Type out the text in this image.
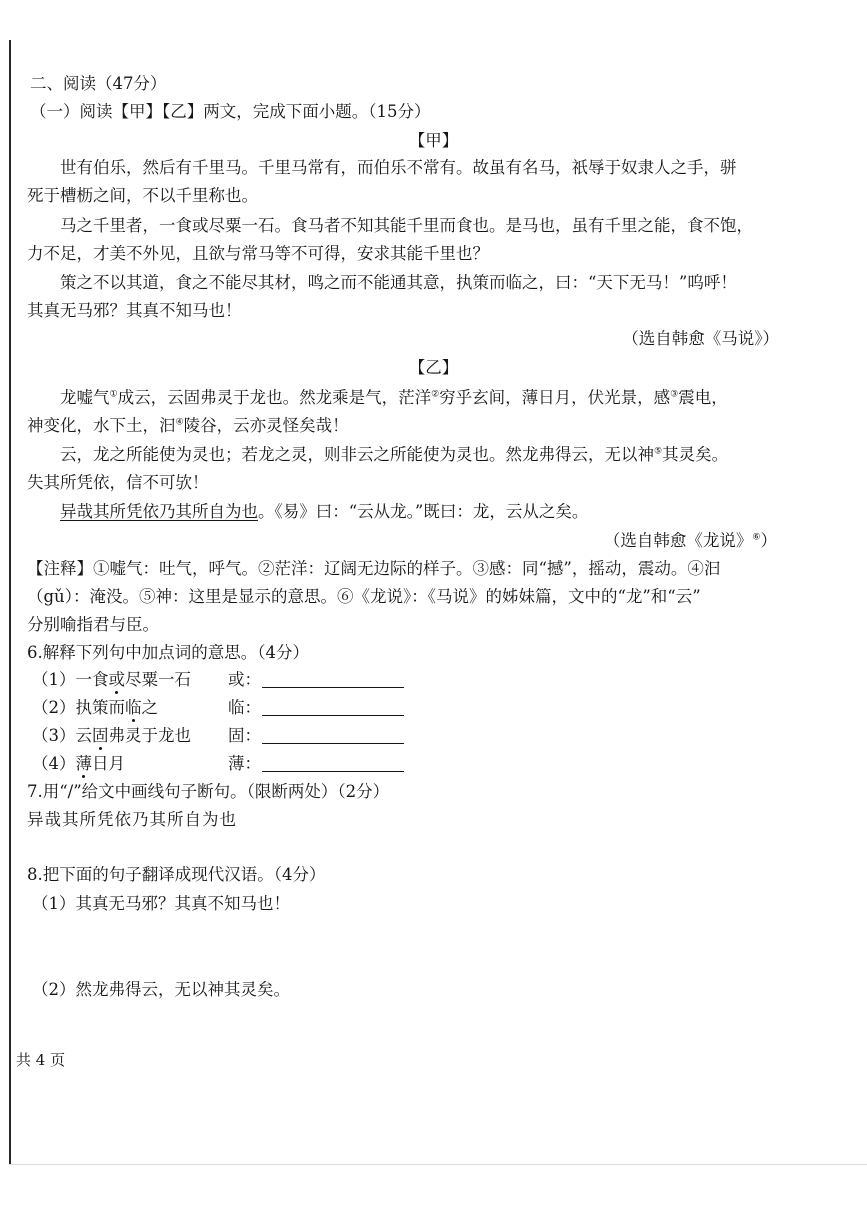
二、阅读（47分）
（一）阅读【甲】【乙】两文，完成下面小题。（15分）
【甲】
世有伯乐，然后有千里马。千里马常有，而伯乐不常有。故虽有名马，祇辱于奴隶人之手，骈
死于槽枥之间，不以千里称也。
马之千里者，一食或尽粟一石。食马者不知其能千里而食也。是马也，虽有千里之能，食不饱，
力不足，才美不外见，且欲与常马等不可得，安求其能千里也？
策之不以其道，食之不能尽其材，鸣之而不能通其意，执策而临之，曰：“天下无马！”呜呼！
其真无马邪？其真不知马也！
（选自韩愈《马说》）
【乙】
龙嘘气①成云，云固弗灵于龙也。然龙乘是气，茫洋②穷乎玄间，薄日月，伏光景，感③震电，
神变化，水下土，汩④陵谷，云亦灵怪矣哉！
云，龙之所能使为灵也；若龙之灵，则非云之所能使为灵也。然龙弗得云，无以神⑤其灵矣。
失其所凭依，信不可欤！
异哉其所凭依乃其所自为也。《易》曰：“云从龙。”既曰：龙，云从之矣。
（选自韩愈《龙说》⑥）
【注释】①嘘气：吐气，呼气。②茫洋：辽阔无边际的样子。③感：同“撼”，摇动，震动。④汩
（gǔ）：淹没。⑤神：这里是显示的意思。⑥《龙说》：《马说》的姊妹篇，文中的“龙”和“云”
分别喻指君与臣。
6.解释下列句中加点词的意思。（4分）
（1）一食或尽粟一石 或：
（2）执策而临之	临：
（3）云固弗灵于龙也 固：
（4）薄日月	薄：
7.用“/”给文中画线句子断句。（限断两处）（2分）
异哉其所凭依乃其所自为也
8.把下面的句子翻译成现代汉语。（4分）
（1）其真无马邪？其真不知马也！
（2）然龙弗得云，无以神其灵矣。
共 4 页
